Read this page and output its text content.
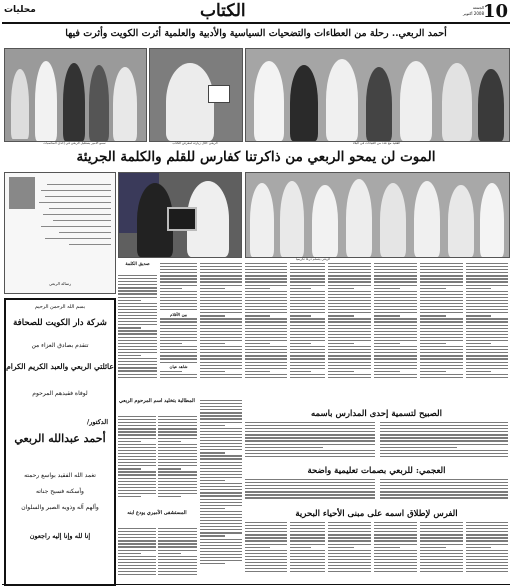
10
الجمعة
2008 أكتوبر
الكتاب
محليات
أحمد الربعي.. رحلة من العطاءات والتضحيات السياسية والأدبية والعلمية أثرت الكويت وأثرت فيها
سمو الأمير يستقبل الربعي في إحدى المناسبات	الربعي خلال زيارته لمعرض الكتاب	الفقيد مع عدد من القيادات في البلاد
الموت لن يمحو الربعي من ذاكرتنا كفارس للقلم والكلمة الجريئة
رسالة الربعي
الربعي يتسلم درعا تكريميا
صديق الكلمة
بين الأقلام
شاهد عيان
المطالبة بتخليد اسم المرحوم الربعي
المستشفى الأميري يودع ابنه
الصبيح لتسمية إحدى المدارس باسمه
العجمي: للربعي بصمات تعليمية واضحة
الفرس لإطلاق اسمه على مبنى الأحياء البحرية
بسم الله الرحمن الرحيم
شركة دار الكويت للصحافة
تتقدم بصادق العزاء من
عائلتي الربعي والعبد الكريم الكرام
لوفاة فقيدهم المرحوم
الدكتور/
أحمد عبدالله الربعي
تغمد الله الفقيد بواسع رحمته
وأسكنه فسيح جناته
وألهم آله وذويه الصبر والسلوان
إنا لله وإنا إليه راجعون
